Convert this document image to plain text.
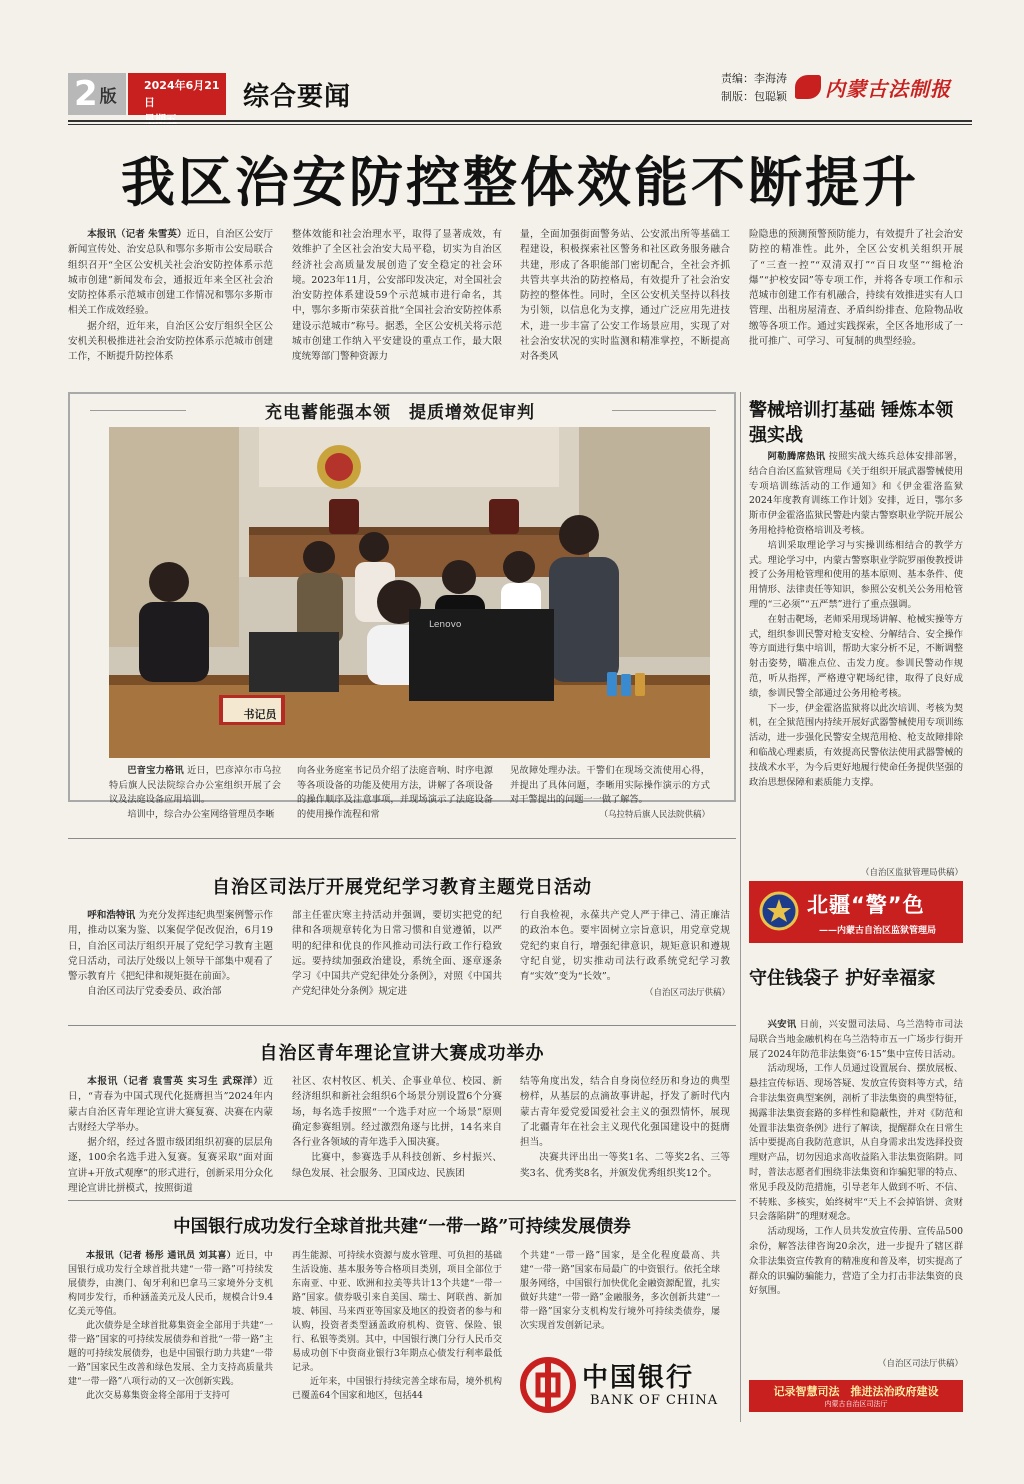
2 版
2024年6月21日	综合要闻
责编：李海涛
制版：包聪颖 内蒙古法制报
我区治安防控整体效能不断提升

本报讯（记者 朱雪英）近日，自治区公安厅新闻宣传处、治安总队和鄂尔多斯市公安局联合组织召开“全区公安机关社会治安防控体系示范城市创建”新闻发布会，通报近年来全区社会治安防控体系示范城市创建工作情况和鄂尔多斯市相关工作成效经验。

据介绍，近年来，自治区公安厅组织全区公安机关积极推进社会治安防控体系示范城市创建工作，不断提升防控体系

整体效能和社会治理水平，取得了显著成效，有效维护了全区社会治安大局平稳，切实为自治区经济社会高质量发展创造了安全稳定的社会环境。2023年11月，公安部印发决定，对全国社会治安防控体系建设59个示范城市进行命名，其中，鄂尔多斯市荣获首批“全国社会治安防控体系建设示范城市”称号。据悉，全区公安机关将示范城市创建工作纳入平安建设的重点工作，最大限度统筹部门警种资源力

量，全面加强街面警务站、公安派出所等基础工程建设，积极探索社区警务和社区政务服务融合共建，形成了各职能部门密切配合，全社会齐抓共管共享共治的防控格局，有效提升了社会治安防控的整体性。同时，全区公安机关坚持以科技为引领，以信息化为支撑，通过广泛应用先进技术，进一步丰富了公安工作场景应用，实现了对社会治安状况的实时监测和精准掌控，不断提高对各类风

险隐患的预测预警预防能力，有效提升了社会治安防控的精准性。此外，全区公安机关组织开展了“三查一控”“双清双打”“百日攻坚”“缉枪治爆”“护校安园”等专项工作，并将各专项工作和示范城市创建工作有机融合，持续有效推进实有人口管理、出租房屋清查、矛盾纠纷排查、危险物品收缴等各项工作。通过实践探索，全区各地形成了一批可推广、可学习、可复制的典型经验。

充电蓄能强本领　提质增效促审判
Lenovo
书记员

巴音宝力格讯 近日，巴彦淖尔市乌拉特后旗人民法院综合办公室组织开展了会议及法庭设备应用培训。

培训中，综合办公室网络管理员李晰

向各业务庭室书记员介绍了法庭音响、时序电源等各项设备的功能及使用方法，讲解了各项设备的操作顺序及注意事项，并现场演示了法庭设备的使用操作流程和常

见故障处理办法。干警们在现场交流使用心得，并提出了具体问题，李晰用实际操作演示的方式对干警提出的问题一一做了解答。

（乌拉特后旗人民法院供稿）
自治区司法厅开展党纪学习教育主题党日活动

呼和浩特讯 为充分发挥违纪典型案例警示作用，推动以案为鉴、以案促学促改促治，6月19日，自治区司法厅组织开展了党纪学习教育主题党日活动，司法厅处级以上领导干部集中观看了警示教育片《把纪律和规矩挺在前面》。

自治区司法厅党委委员、政治部

部主任霍庆寒主持活动并强调，要切实把党的纪律和各项规章转化为日常习惯和自觉遵循，以严明的纪律和优良的作风推动司法行政工作行稳致远。要持续加强政治建设，系统全面、逐章逐条学习《中国共产党纪律处分条例》，对照《中国共产党纪律处分条例》规定进

行自我检视，永葆共产党人严于律己、清正廉洁的政治本色。要牢固树立宗旨意识，用党章党规党纪约束自行，增强纪律意识，规矩意识和遵规守纪自觉，切实推动司法行政系统党纪学习教育“实效”变为“长效”。

（自治区司法厅供稿）
自治区青年理论宣讲大赛成功举办

本报讯（记者 袁雪英 实习生 武琛洋）近日，“青春为中国式现代化挺膺担当”2024年内蒙古自治区青年理论宣讲大赛复赛、决赛在内蒙古财经大学举办。

据介绍，经过各盟市级团组织初赛的层层角逐，100余名选手进入复赛。复赛采取“面对面宣讲+开放式观摩”的形式进行，创新采用分众化理论宣讲比拼模式，按照街道

社区、农村牧区、机关、企事业单位、校园、新经济组织和新社会组织6个场景分别设置6个分赛场，每名选手按照“一个选手对应一个场景”原则确定参赛组别。经过激烈角逐与比拼，14名来自各行业各领域的青年选手入围决赛。

比赛中，参赛选手从科技创新、乡村振兴、绿色发展、社会服务、卫国戍边、民族团

结等角度出发，结合自身岗位经历和身边的典型榜样，从基层的点滴故事讲起，抒发了新时代内蒙古青年爱党爱国爱社会主义的强烈情怀，展现了北疆青年在社会主义现代化强国建设中的挺膺担当。

决赛共评出出一等奖1名、二等奖2名、三等奖3名、优秀奖8名，并颁发优秀组织奖12个。

中国银行成功发行全球首批共建“一带一路”可持续发展债券

本报讯（记者 杨彤 通讯员 刘其喜）近日，中国银行成功发行全球首批共建“一带一路”可持续发展债券，由澳门、匈牙利和巴拿马三家境外分支机构同步发行，币种涵盖美元及人民币，规模合计9.4亿美元等值。

此次债券是全球首批募集资金全部用于共建“一带一路”国家的可持续发展债券和首批“一带一路”主题的可持续发展债券，也是中国银行助力共建“一带一路”国家民生改善和绿色发展、全力支持高质量共建“一带一路”八项行动的又一次创新实践。

此次交易募集资金将全部用于支持可

再生能源、可持续水资源与废水管理、可负担的基础生活设施、基本服务等合格项目类别，项目全部位于东南亚、中亚、欧洲和拉美等共计13个共建“一带一路”国家。债券吸引来自美国、瑞士、阿联酋、新加坡、韩国、马来西亚等国家及地区的投资者的参与和认购，投资者类型涵盖政府机构、资管、保险、银行、私银等类别。其中，中国银行澳门分行人民币交易成功创下中资商业银行3年期点心债发行利率最低记录。

近年来，中国银行持续完善全球布局，境外机构已覆盖64个国家和地区，包括44

个共建“一带一路”国家，是全化程度最高、共建“一带一路”国家布局最广的中资银行。依托全球服务网络，中国银行加快优化金融资源配置，扎实做好共建“一带一路”金融服务，多次创新共建“一带一路”国家分支机构发行境外可持续类债券，屡次实现首发创新记录。

中国银行
BANK OF CHINA
警械培训打基础 锤炼本领强实战

阿勒腾席热讯 按照实战大练兵总体安排部署，结合自治区监狱管理局《关于组织开展武器警械使用专项培训练活动的工作通知》和《伊金霍洛监狱2024年度教育训练工作计划》安排，近日，鄂尔多斯市伊金霍洛监狱民警赴内蒙古警察职业学院开展公务用枪持枪资格培训及考核。

培训采取理论学习与实操训练相结合的教学方式。理论学习中，内蒙古警察职业学院罗丽俊教授讲授了公务用枪管理和使用的基本原则、基本条件、使用情形、法律责任等知识，参照公安机关公务用枪管理的“三必须”“五严禁”进行了重点强调。

在射击靶场，老师采用现场讲解、枪械实操等方式，组织参训民警对枪支安检、分解结合、安全操作等方面进行集中培训，帮助大家分析不足，不断调整射击姿势，瞄准点位、击发力度。参训民警动作规范，听从指挥，严格遵守靶场纪律，取得了良好成绩，参训民警全部通过公务用枪考核。

下一步，伊金霍洛监狱将以此次培训、考核为契机，在全狱范围内持续开展好武器警械使用专项训练活动，进一步强化民警安全规范用枪、枪支故障排除和临战心理素质，有效提高民警依法使用武器警械的技战术水平，为今后更好地履行使命任务提供坚强的政治思想保障和素质能力支撑。

（自治区监狱管理局供稿）
北疆“警”色
——内蒙古自治区监狱管理局
守住钱袋子 护好幸福家

兴安讯 日前，兴安盟司法局、乌兰浩特市司法局联合当地金融机构在乌兰浩特市五一广场步行街开展了2024年防范非法集资“6·15”集中宣传日活动。

活动现场，工作人员通过设置展台、摆放展板、悬挂宣传标语、现场答疑、发放宣传资料等方式，结合非法集资典型案例，剖析了非法集资的典型特征，揭露非法集资套路的多样性和隐蔽性，并对《防范和处置非法集资条例》进行了解读，提醒群众在日常生活中要提高自我防范意识，从自身需求出发选择投资理财产品，切勿因追求高收益陷入非法集资陷阱。同时，普法志愿者们围绕非法集资和诈骗犯罪的特点、常见手段及防范措施，引导老年人做到不听、不信、不转账、多核实，始终树牢“天上不会掉馅饼、贪财只会落陷阱”的理财观念。

活动现场，工作人员共发放宣传册、宣传品500余份，解答法律咨询20余次，进一步提升了辖区群众非法集资宣传教育的精准度和普及率，切实提高了群众的识骗防骗能力，营造了全力打击非法集资的良好氛围。

（自治区司法厅供稿）
记录智慧司法　推进法治政府建设
内蒙古自治区司法厅
